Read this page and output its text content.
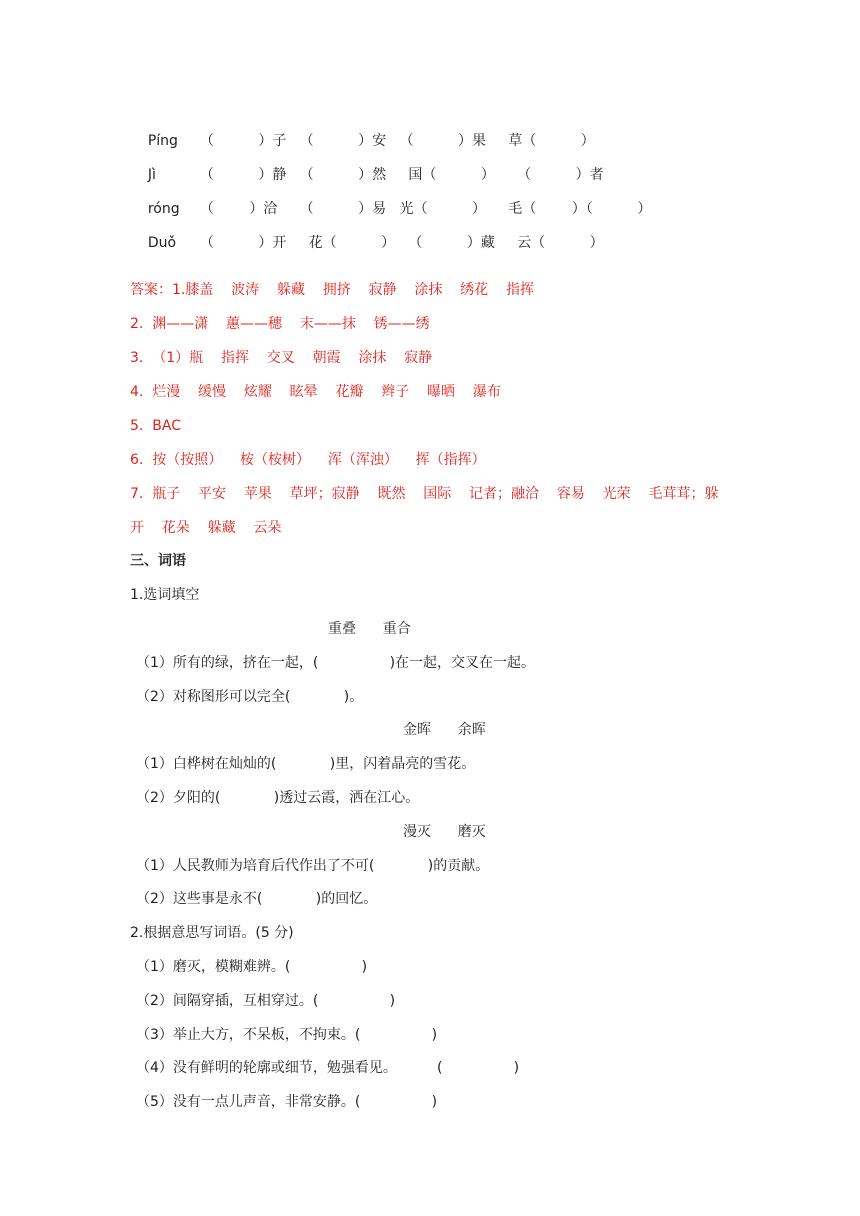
Píng （          ）子   （          ）安   （          ）果     草（          ）

Jì	（          ）静   （          ）然     国（          ）     （          ）者

róng （        ）洽     （          ）易   光（          ）     毛（        ）（          ）

Duǒ （          ）开     花（          ）   （          ）藏     云（          ）

答案：1.膝盖    波涛    躲藏    拥挤    寂静    涂抹    绣花    指挥
2.  渊——潇    蕙——穗    末——抹    锈——绣
3.  （1）瓶    指挥    交叉    朝霞    涂抹    寂静
4.  烂漫    缓慢    炫耀    眩晕    花瓣    辫子    曝晒    瀑布
5.  BAC
6.  按（按照）    桉（桉树）    浑（浑浊）    挥（指挥）
7.  瓶子    平安    苹果    草坪；寂静    既然    国际    记者；融洽    容易    光荣    毛茸茸；躲
开    花朵    躲藏    云朵
三、词语
1.选词填空
重叠      重合
（1）所有的绿，挤在一起，(                )在一起，交叉在一起。
（2）对称图形可以完全(            )。
金晖      余晖
（1）白桦树在灿灿的(            )里，闪着晶亮的雪花。
（2）夕阳的(            )透过云霞，洒在江心。
漫灭      磨灭
（1）人民教师为培育后代作出了不可(            )的贡献。
（2）这些事是永不(            )的回忆。
2.根据意思写词语。(5 分)
（1）磨灭，模糊难辨。(                )
（2）间隔穿插，互相穿过。(                )
（3）举止大方，不呆板，不拘束。(                )
（4）没有鲜明的轮廓或细节，勉强看见。         (                )
（5）没有一点儿声音，非常安静。(                )
